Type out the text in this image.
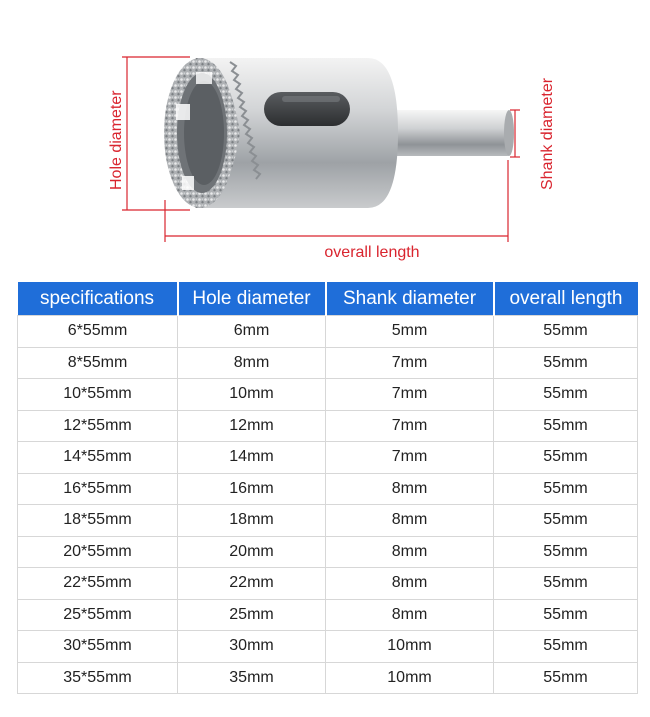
Hole diameter	Shank diameter
overall length
specifications	Hole diameter	Shank diameter	overall length
6*55mm	6mm	5mm	55mm
8*55mm	8mm	7mm	55mm
10*55mm	10mm	7mm	55mm
12*55mm	12mm	7mm	55mm
14*55mm	14mm	7mm	55mm
16*55mm	16mm	8mm	55mm
18*55mm	18mm	8mm	55mm
20*55mm	20mm	8mm	55mm
22*55mm	22mm	8mm	55mm
25*55mm	25mm	8mm	55mm
30*55mm	30mm	10mm	55mm
35*55mm	35mm	10mm	55mm
